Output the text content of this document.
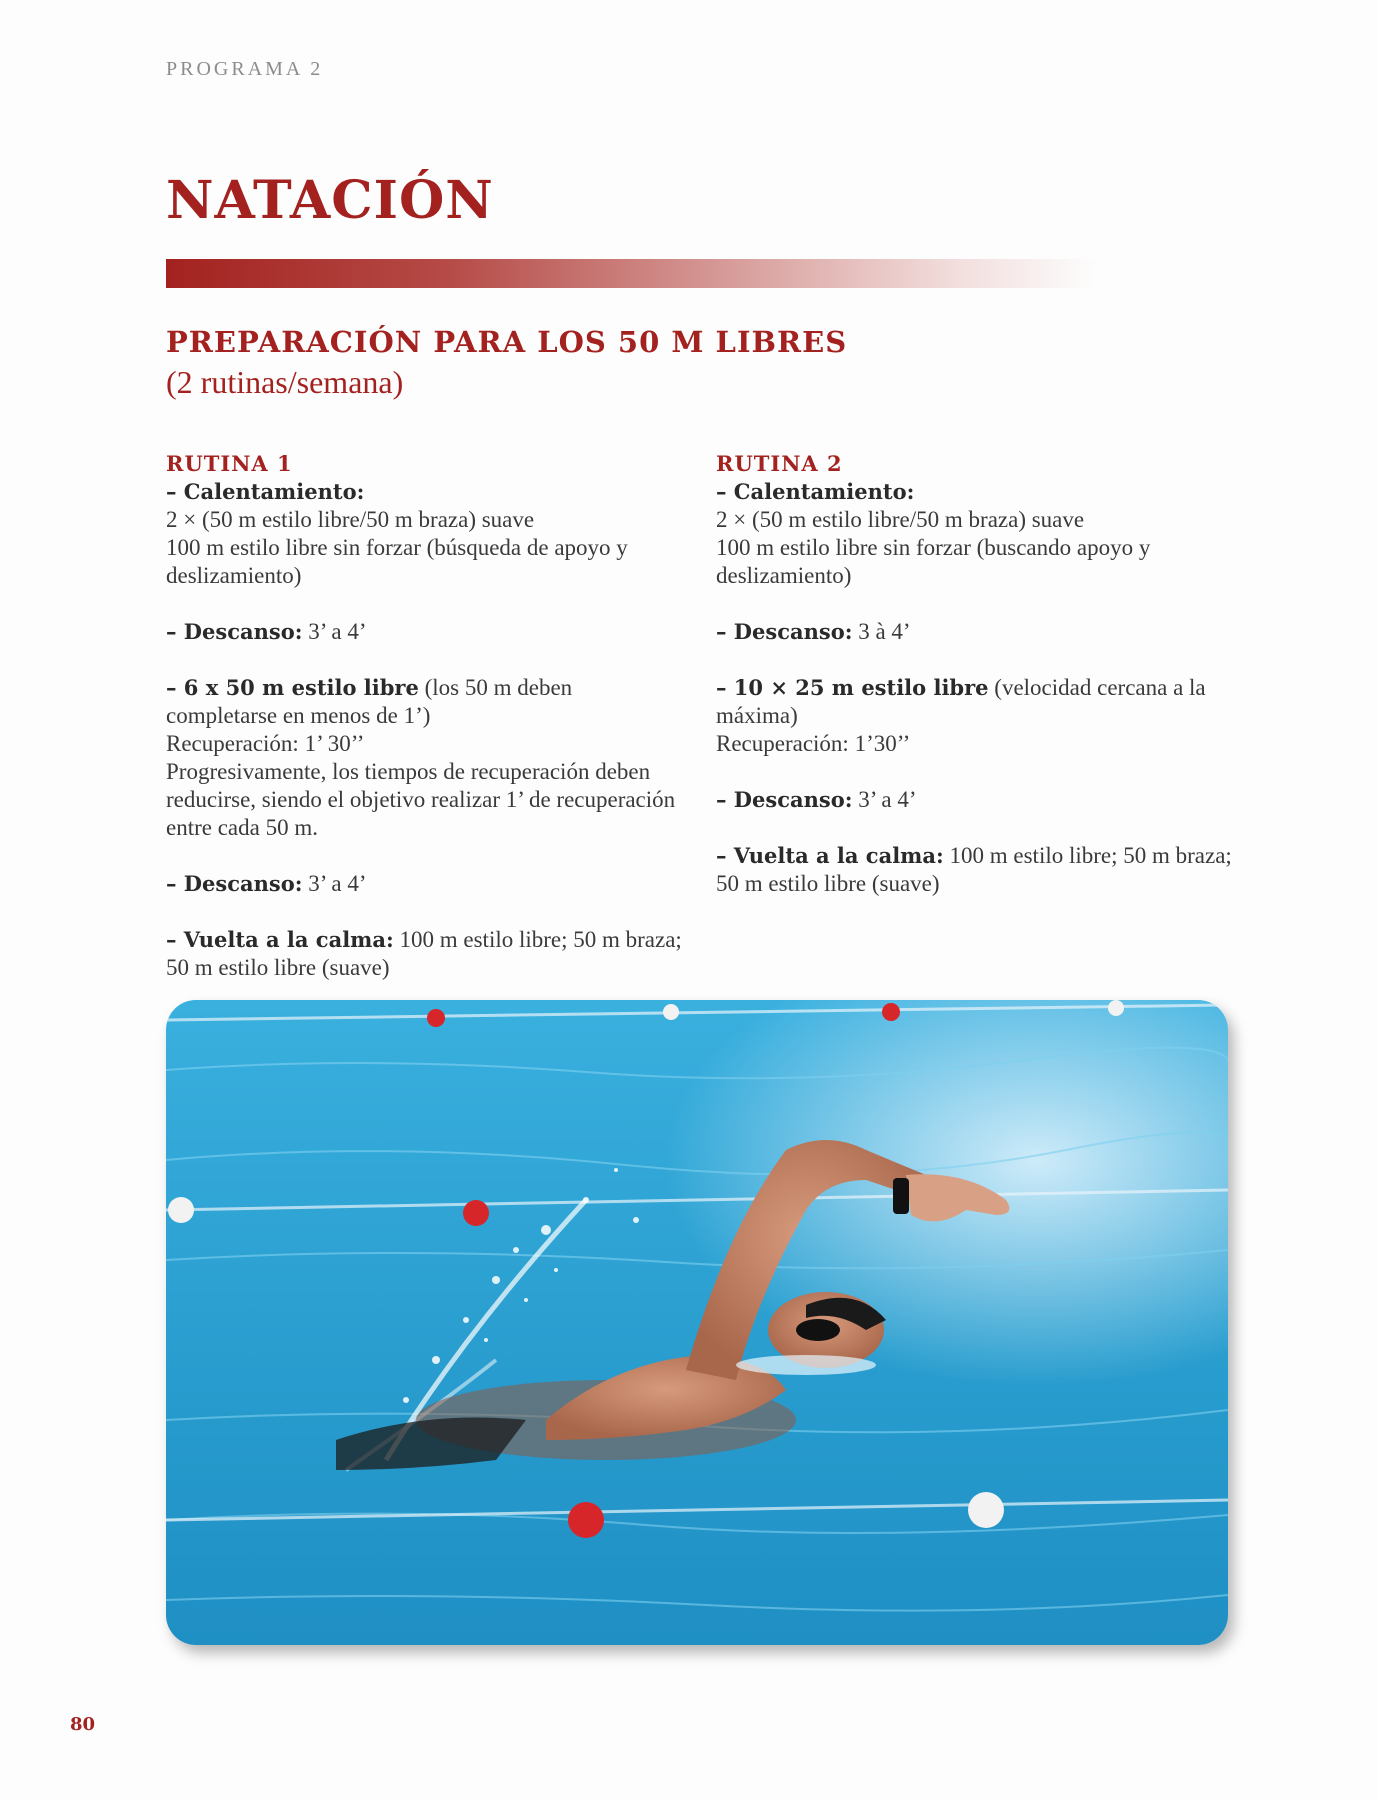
PROGRAMA 2
NATACIÓN
PREPARACIÓN PARA LOS 50 M LIBRES
(2 rutinas/semana)

RUTINA 1
– Calentamiento:
2 × (50 m estilo libre/50 m braza) suave
100 m estilo libre sin forzar (búsqueda de apoyo y deslizamiento)

– Descanso: 3’ a 4’

– 6 x 50 m estilo libre (los 50 m deben completarse en menos de 1’)
Recuperación: 1’ 30’’
Progresivamente, los tiempos de recuperación deben reducirse, siendo el objetivo realizar 1’ de recuperación entre cada 50 m.

– Descanso: 3’ a 4’

– Vuelta a la calma: 100 m estilo libre; 50 m braza; 50 m estilo libre (suave)

RUTINA 2
– Calentamiento:
2 × (50 m estilo libre/50 m braza) suave
100 m estilo libre sin forzar (buscando apoyo y deslizamiento)

– Descanso: 3 à 4’

– 10 × 25 m estilo libre (velocidad cercana a la máxima)
Recuperación: 1’30’’

– Descanso: 3’ a 4’

– Vuelta a la calma: 100 m estilo libre; 50 m braza; 50 m estilo libre (suave)

80
